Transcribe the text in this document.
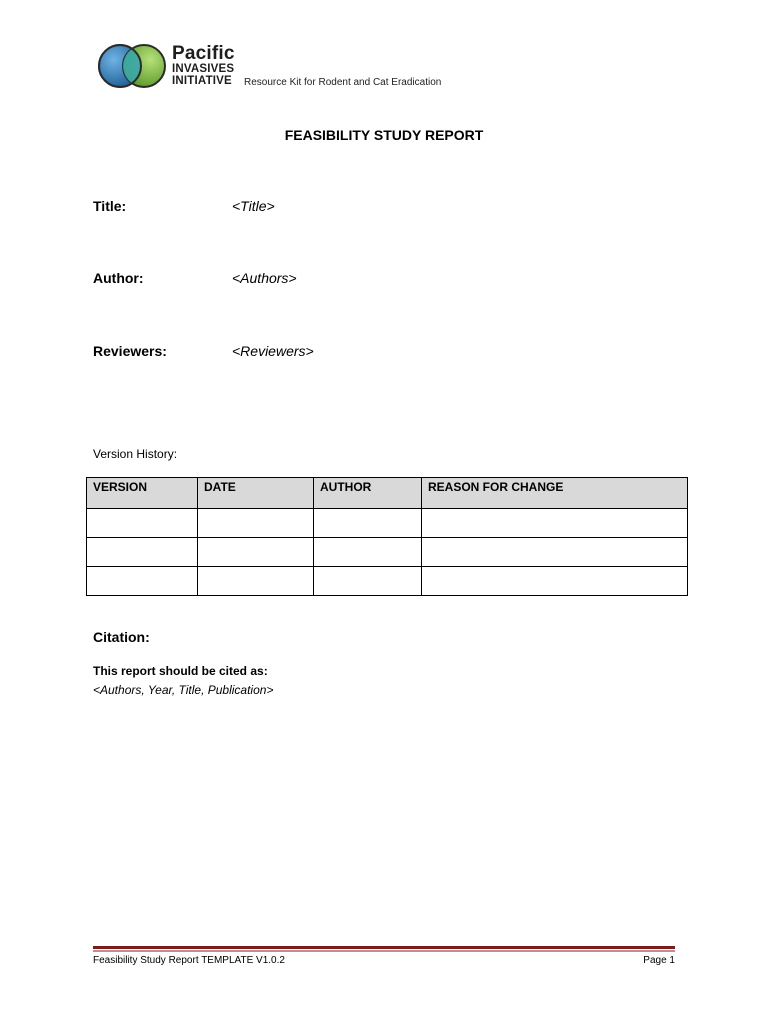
Pacific
INVASIVES
INITIATIVE Resource Kit for Rodent and Cat Eradication
FEASIBILITY STUDY REPORT
Title:	<Title>
Author:	<Authors>
Reviewers:	<Reviewers>
Version History:
VERSION	DATE	AUTHOR	REASON FOR CHANGE

Citation:
This report should be cited as:
<Authors, Year, Title, Publication>
Feasibility Study Report TEMPLATE V1.0.2	Page 1
